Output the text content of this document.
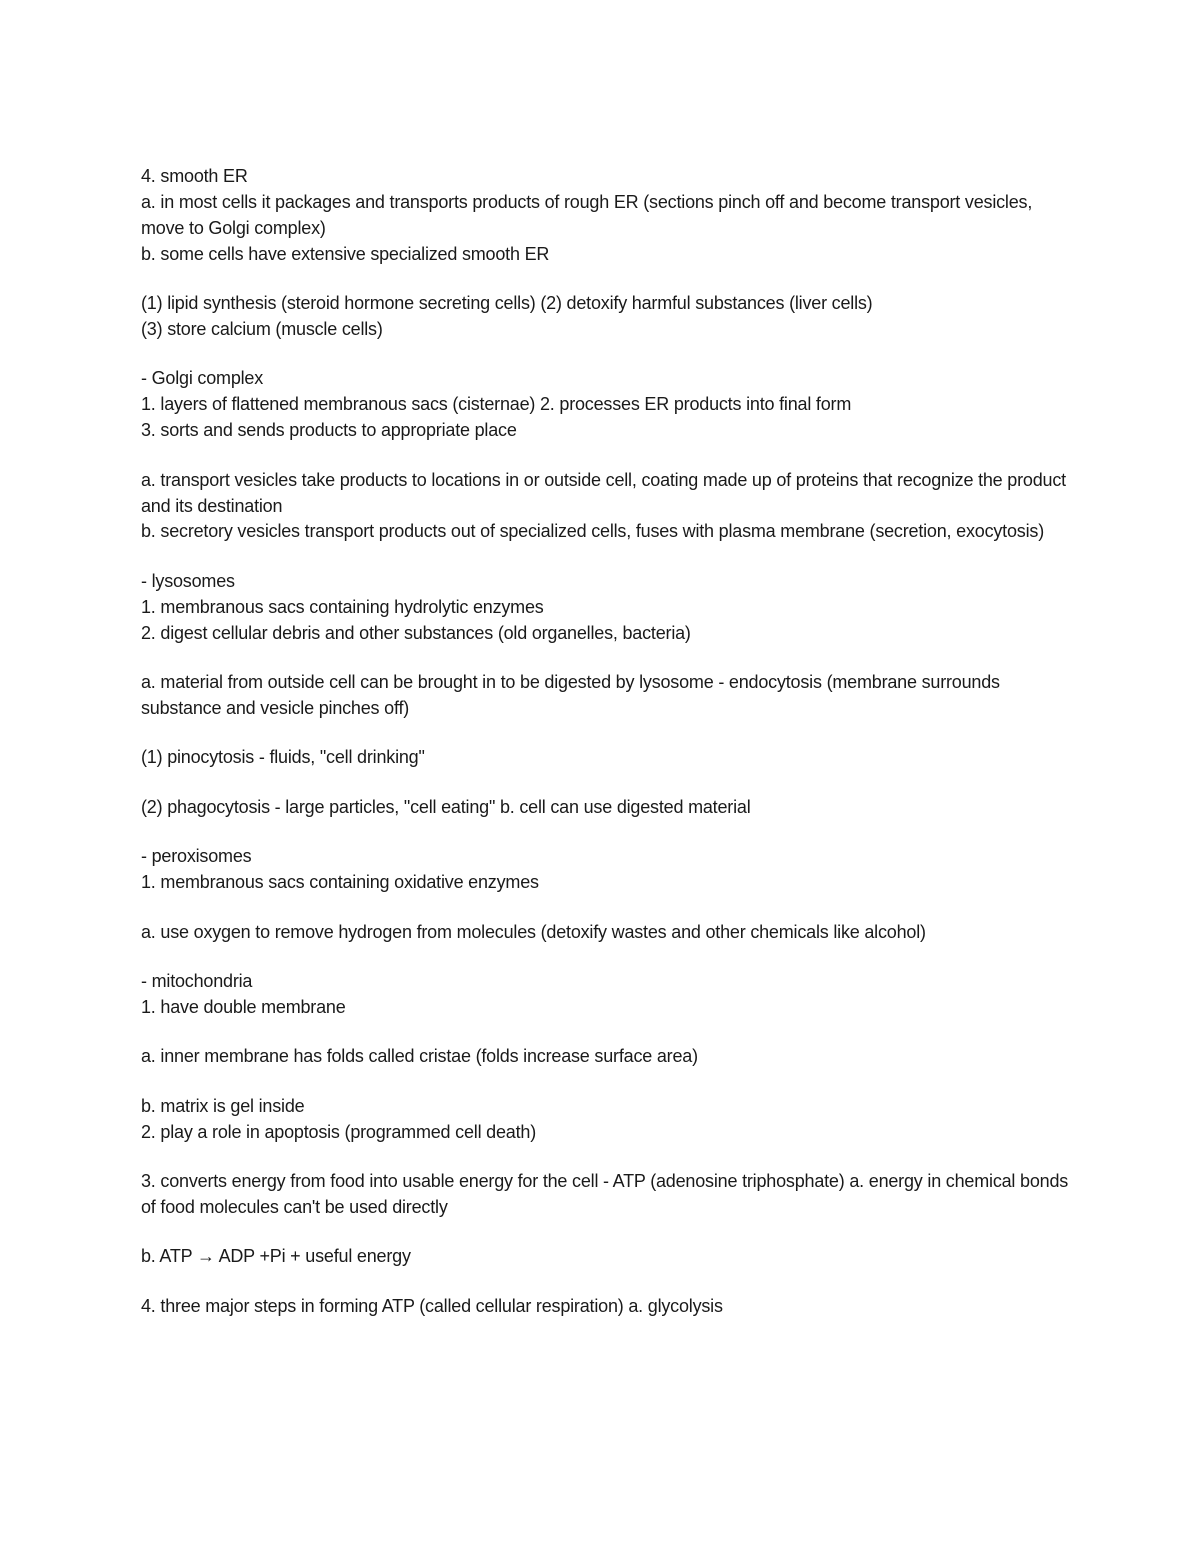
4. smooth ER
a. in most cells it packages and transports products of rough ER (sections pinch off and become transport vesicles, move to Golgi complex)
b. some cells have extensive specialized smooth ER
(1) lipid synthesis (steroid hormone secreting cells) (2) detoxify harmful substances (liver cells)
(3) store calcium (muscle cells)
- Golgi complex
1. layers of flattened membranous sacs (cisternae) 2. processes ER products into final form
3. sorts and sends products to appropriate place
a. transport vesicles take products to locations in or outside cell, coating made up of proteins that recognize the product and its destination
b. secretory vesicles transport products out of specialized cells, fuses with plasma membrane (secretion, exocytosis)
- lysosomes
1. membranous sacs containing hydrolytic enzymes
2. digest cellular debris and other substances (old organelles, bacteria)
a. material from outside cell can be brought in to be digested by lysosome - endocytosis (membrane surrounds substance and vesicle pinches off)
(1) pinocytosis - fluids, "cell drinking"
(2) phagocytosis - large particles, "cell eating" b. cell can use digested material
- peroxisomes
1. membranous sacs containing oxidative enzymes
a. use oxygen to remove hydrogen from molecules (detoxify wastes and other chemicals like alcohol)
- mitochondria
1. have double membrane
a. inner membrane has folds called cristae (folds increase surface area)
b. matrix is gel inside
2. play a role in apoptosis (programmed cell death)
3. converts energy from food into usable energy for the cell - ATP (adenosine triphosphate) a. energy in chemical bonds of food molecules can't be used directly
b. ATP → ADP +Pi + useful energy
4. three major steps in forming ATP (called cellular respiration) a. glycolysis
